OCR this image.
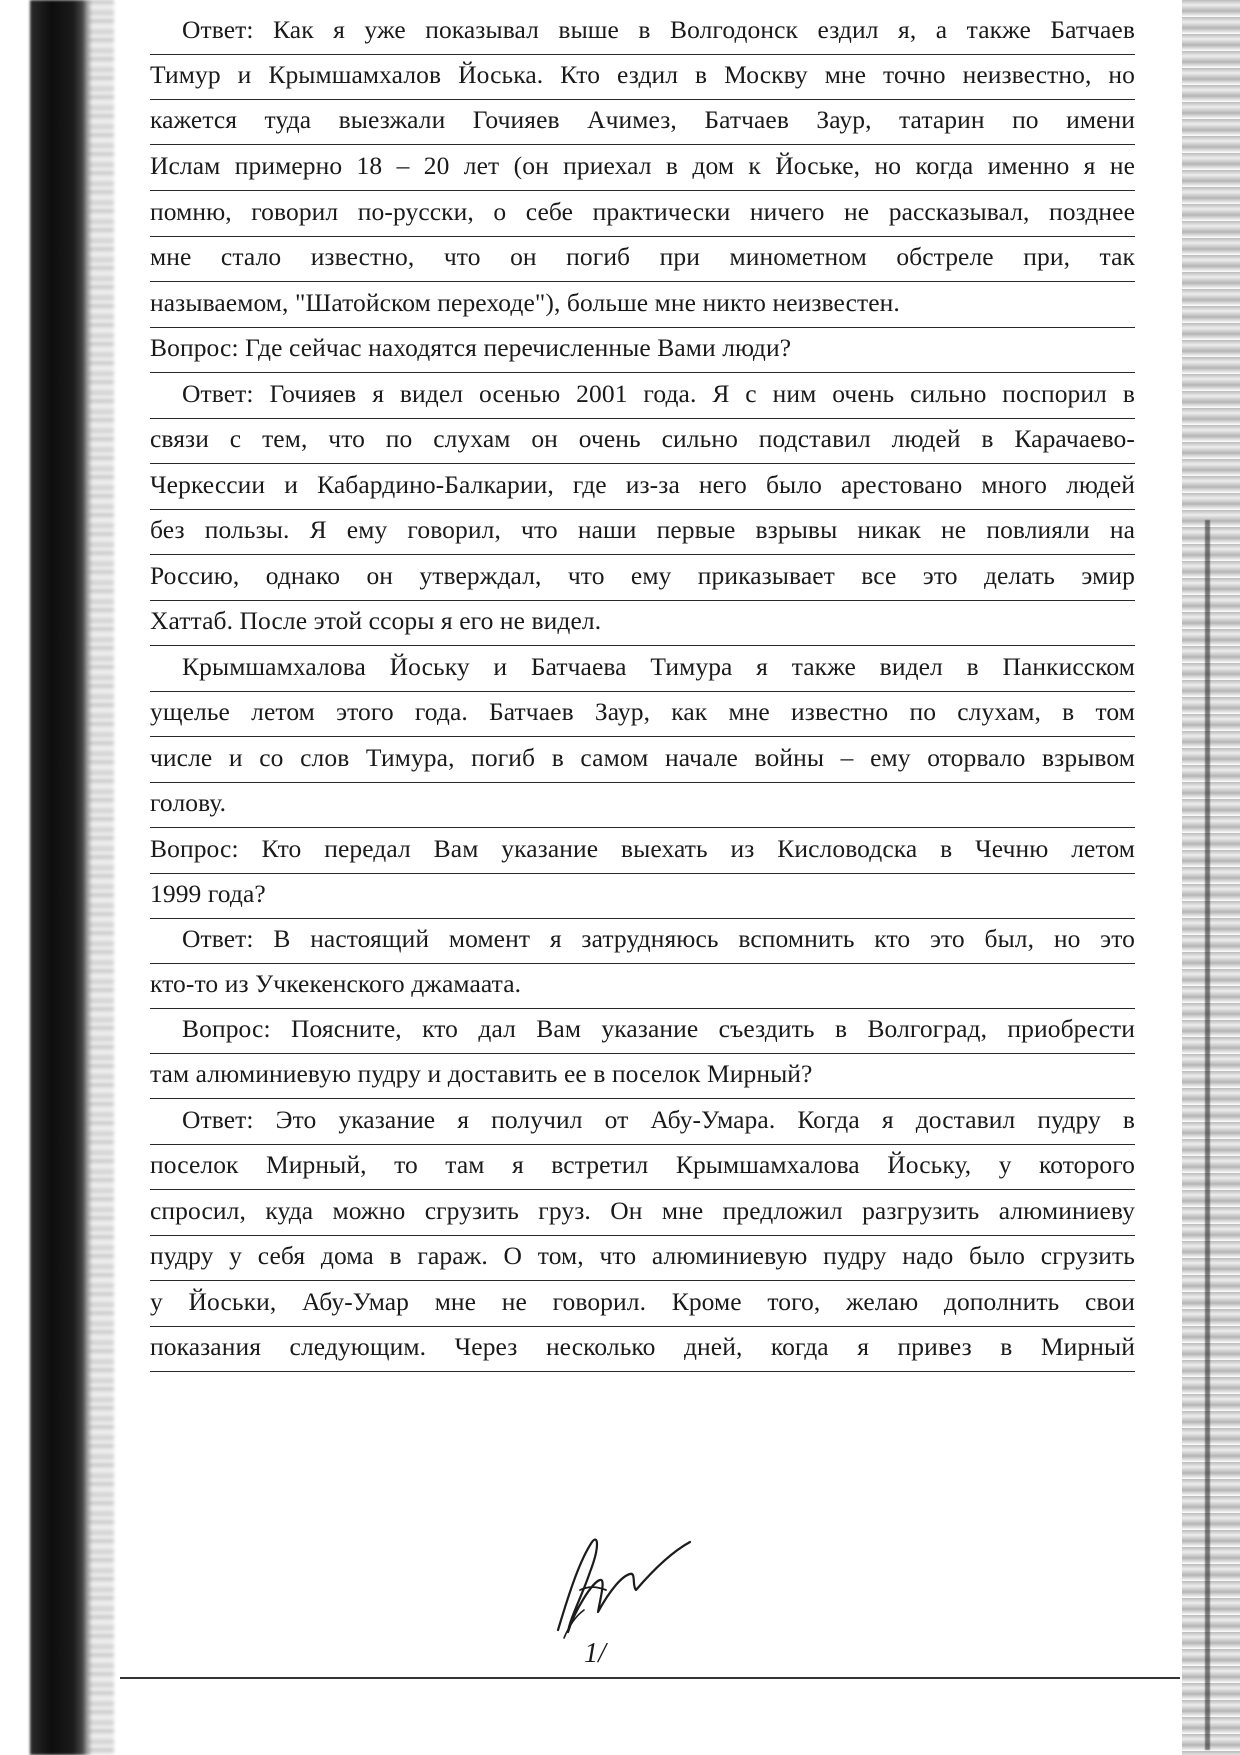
Ответ: Как я уже показывал выше в Волгодонск ездил я, а также Батчаев
Тимур и Крымшамхалов Йоська. Кто ездил в Москву мне точно неизвестно, но
кажется туда выезжали Гочияев Ачимез, Батчаев Заур, татарин по имени
Ислам примерно 18 – 20 лет (он приехал в дом к Йоське, но когда именно я не
помню, говорил по-русски, о себе практически ничего не рассказывал, позднее
мне стало известно, что он погиб при минометном обстреле при, так
называемом, "Шатойском переходе"), больше мне никто неизвестен.
Вопрос: Где сейчас находятся перечисленные Вами люди?
Ответ: Гочияев я видел осенью 2001 года. Я с ним очень сильно поспорил в
связи с тем, что по слухам он очень сильно подставил людей в Карачаево-
Черкессии и Кабардино-Балкарии, где из-за него было арестовано много людей
без пользы. Я ему говорил, что наши первые взрывы никак не повлияли на
Россию, однако он утверждал, что ему приказывает все это делать эмир
Хаттаб. После этой ссоры я его не видел.
Крымшамхалова Йоську и Батчаева Тимура я также видел в Панкисском
ущелье летом этого года. Батчаев Заур, как мне известно по слухам, в том
числе и со слов Тимура, погиб в самом начале войны – ему оторвало взрывом
голову.
Вопрос: Кто передал Вам указание выехать из Кисловодска в Чечню летом
1999 года?
Ответ: В настоящий момент я затрудняюсь вспомнить кто это был, но это
кто-то из Учкекенского джамаата.
Вопрос: Поясните, кто дал Вам указание съездить в Волгоград, приобрести
там алюминиевую пудру и доставить ее в поселок Мирный?
Ответ: Это указание я получил от Абу-Умара. Когда я доставил пудру в
поселок Мирный, то там я встретил Крымшамхалова Йоську, у которого
спросил, куда можно сгрузить груз. Он мне предложил разгрузить алюминиеву
пудру у себя дома в гараж. О том, что алюминиевую пудру надо было сгрузить
у Йоськи, Абу-Умар мне не говорил. Кроме того, желаю дополнить свои
показания следующим. Через несколько дней, когда я привез в Мирный
1/
